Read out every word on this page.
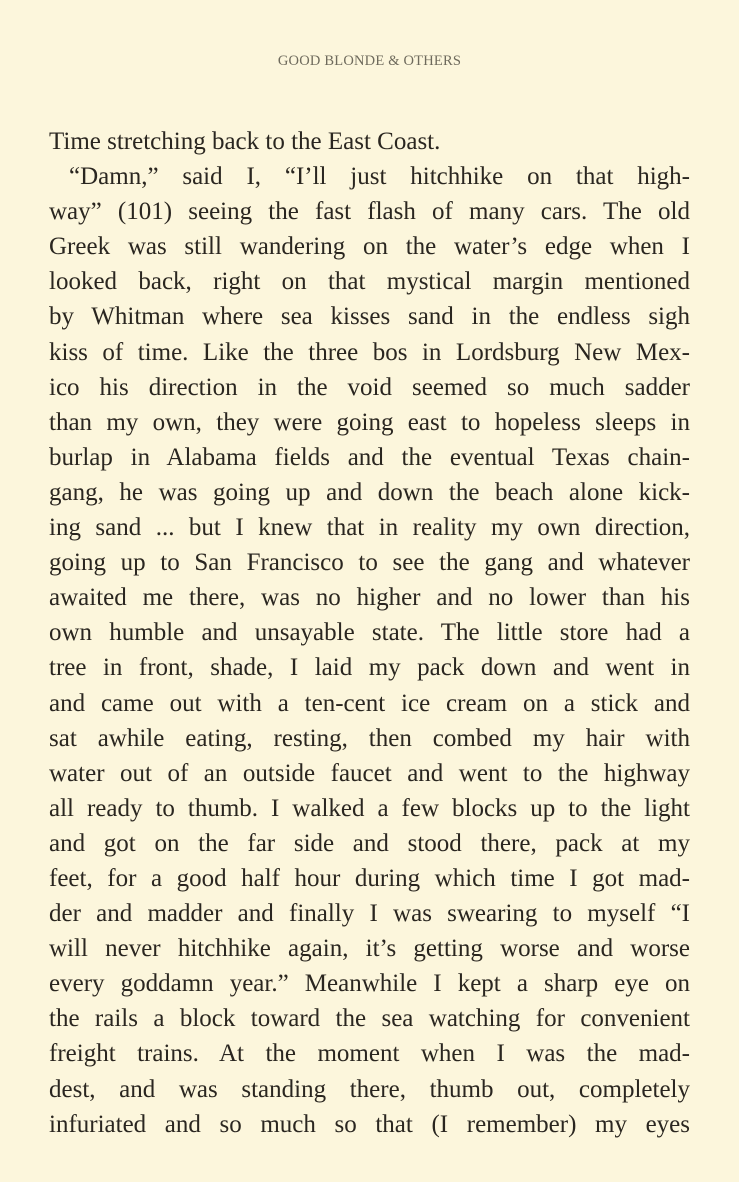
GOOD BLONDE & OTHERS
Time stretching back to the East Coast.
“Damn,” said I, “I’ll just hitchhike on that high-
way” (101) seeing the fast flash of many cars. The old
Greek was still wandering on the water’s edge when I
looked back, right on that mystical margin mentioned
by Whitman where sea kisses sand in the endless sigh
kiss of time. Like the three bos in Lordsburg New Mex-
ico his direction in the void seemed so much sadder
than my own, they were going east to hopeless sleeps in
burlap in Alabama fields and the eventual Texas chain-
gang, he was going up and down the beach alone kick-
ing sand ... but I knew that in reality my own direction,
going up to San Francisco to see the gang and whatever
awaited me there, was no higher and no lower than his
own humble and unsayable state. The little store had a
tree in front, shade, I laid my pack down and went in
and came out with a ten-cent ice cream on a stick and
sat awhile eating, resting, then combed my hair with
water out of an outside faucet and went to the highway
all ready to thumb. I walked a few blocks up to the light
and got on the far side and stood there, pack at my
feet, for a good half hour during which time I got mad-
der and madder and finally I was swearing to myself “I
will never hitchhike again, it’s getting worse and worse
every goddamn year.” Meanwhile I kept a sharp eye on
the rails a block toward the sea watching for convenient
freight trains. At the moment when I was the mad-
dest, and was standing there, thumb out, completely
infuriated and so much so that (I remember) my eyes
